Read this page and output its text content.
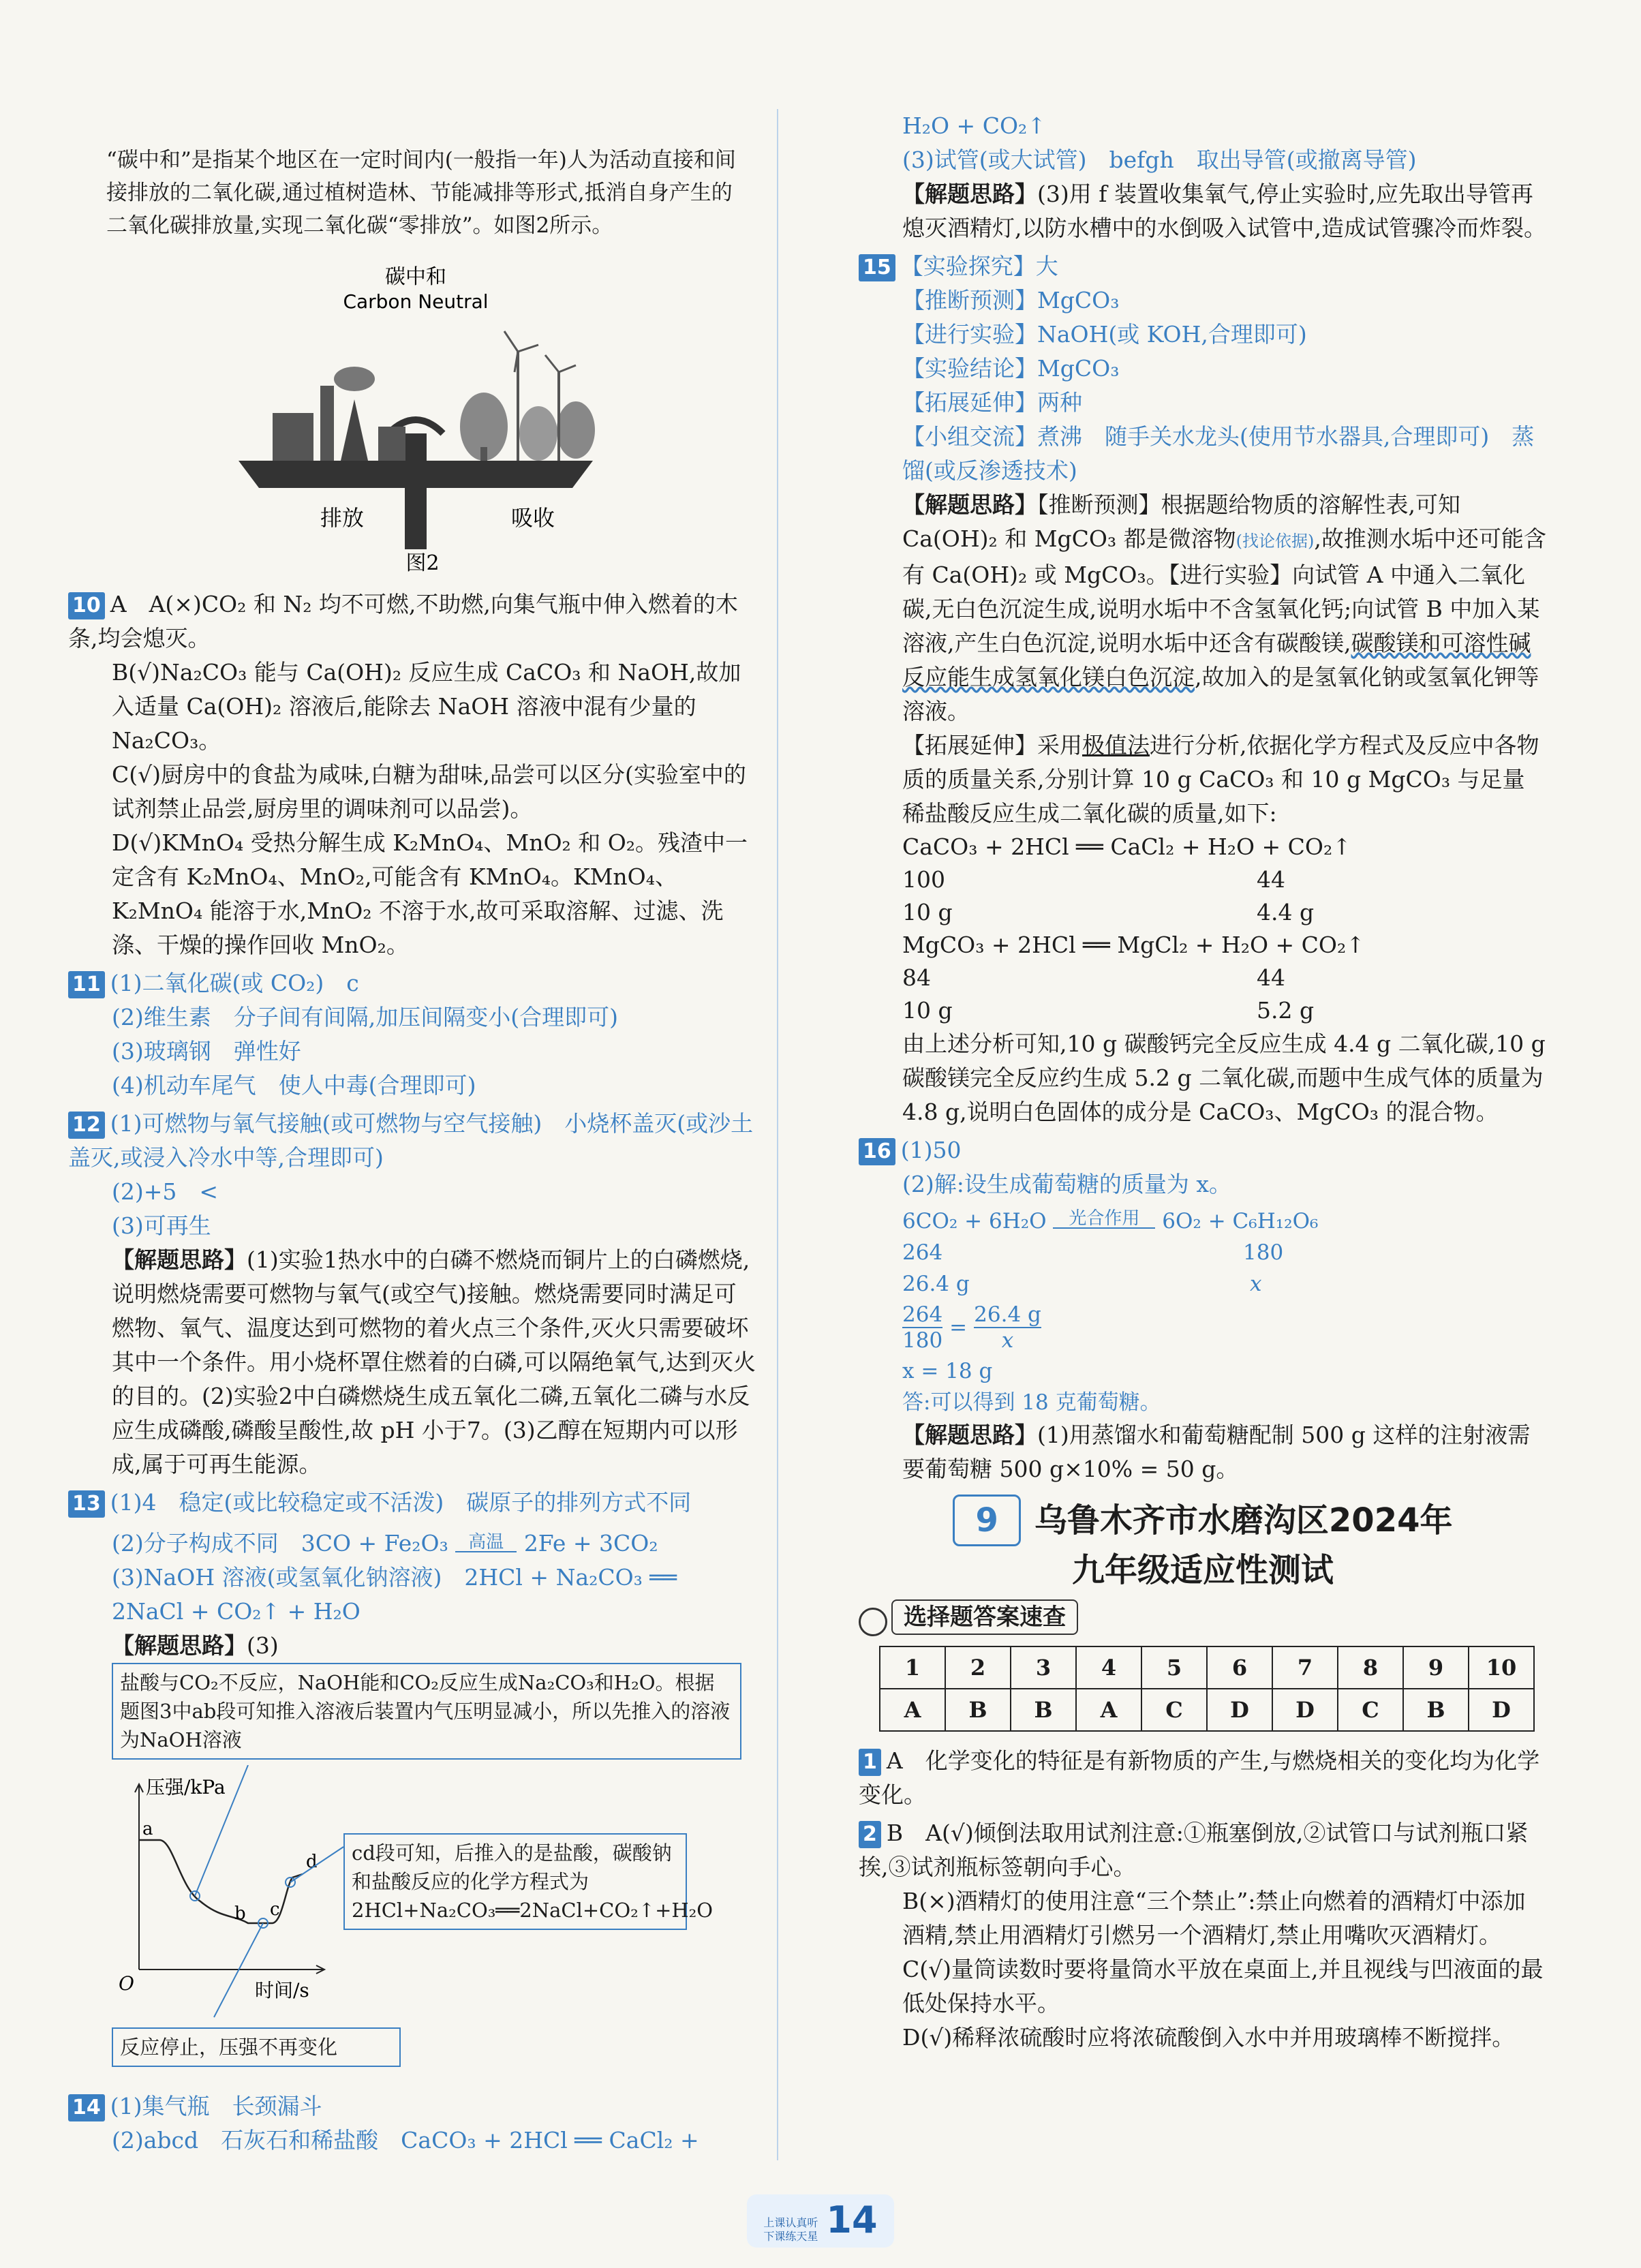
“碳中和”是指某个地区在一定时间内(一般指一年)人为活动直接和间接排放的二氧化碳,通过植树造林、节能减排等形式,抵消自身产生的二氧化碳排放量,实现二氧化碳“零排放”。如图2所示。

碳中和
Carbon Neutral
排放	吸收
图2

10 A　A(×)CO₂ 和 N₂ 均不可燃,不助燃,向集气瓶中伸入燃着的木条,均会熄灭。

B(√)Na₂CO₃ 能与 Ca(OH)₂ 反应生成 CaCO₃ 和 NaOH,故加入适量 Ca(OH)₂ 溶液后,能除去 NaOH 溶液中混有少量的 Na₂CO₃。

C(√)厨房中的食盐为咸味,白糖为甜味,品尝可以区分(实验室中的试剂禁止品尝,厨房里的调味剂可以品尝)。

D(√)KMnO₄ 受热分解生成 K₂MnO₄、MnO₂ 和 O₂。残渣中一定含有 K₂MnO₄、MnO₂,可能含有 KMnO₄。KMnO₄、K₂MnO₄ 能溶于水,MnO₂ 不溶于水,故可采取溶解、过滤、洗涤、干燥的操作回收 MnO₂。

11 (1)二氧化碳(或 CO₂)　c

(2)维生素　分子间有间隔,加压间隔变小(合理即可)

(3)玻璃钢　弹性好

(4)机动车尾气　使人中毒(合理即可)

12 (1)可燃物与氧气接触(或可燃物与空气接触)　小烧杯盖灭(或沙土盖灭,或浸入冷水中等,合理即可)

(2)+5　<

(3)可再生

【解题思路】(1)实验1热水中的白磷不燃烧而铜片上的白磷燃烧,说明燃烧需要可燃物与氧气(或空气)接触。燃烧需要同时满足可燃物、氧气、温度达到可燃物的着火点三个条件,灭火只需要破坏其中一个条件。用小烧杯罩住燃着的白磷,可以隔绝氧气,达到灭火的目的。(2)实验2中白磷燃烧生成五氧化二磷,五氧化二磷与水反应生成磷酸,磷酸呈酸性,故 pH 小于7。(3)乙醇在短期内可以形成,属于可再生能源。

13 (1)4　稳定(或比较稳定或不活泼)　碳原子的排列方式不同

(2)分子构成不同　3CO + Fe₂O₃	高温 2Fe + 3CO₂

(3)NaOH 溶液(或氢氧化钠溶液)　2HCl + Na₂CO₃ ══

2NaCl + CO₂↑ + H₂O

【解题思路】(3)

盐酸与CO₂不反应，NaOH能和CO₂反应生成Na₂CO₃和H₂O。根据题图3中ab段可知推入溶液后装置内气压明显减小，所以先推入的溶液为NaOH溶液
压强/kPa
时间/s
O
a
b c
d	cd段可知，后推入的是盐酸，碳酸钠和盐酸反应的化学方程式为
2HCl+Na₂CO₃══2NaCl+CO₂↑+H₂O
反应停止，压强不再变化

14 (1)集气瓶　长颈漏斗

(2)abcd　石灰石和稀盐酸　CaCO₃ + 2HCl ══ CaCl₂ +

H₂O + CO₂↑

(3)试管(或大试管)　befgh　取出导管(或撤离导管)

【解题思路】(3)用 f 装置收集氧气,停止实验时,应先取出导管再熄灭酒精灯,以防水槽中的水倒吸入试管中,造成试管骤冷而炸裂。

15 【实验探究】大

【推断预测】MgCO₃

【进行实验】NaOH(或 KOH,合理即可)

【实验结论】MgCO₃

【拓展延伸】两种

【小组交流】煮沸　随手关水龙头(使用节水器具,合理即可)　蒸馏(或反渗透技术)

【解题思路】【推断预测】根据题给物质的溶解性表,可知 Ca(OH)₂ 和 MgCO₃ 都是微溶物(找论依据),故推测水垢中还可能含有 Ca(OH)₂ 或 MgCO₃。【进行实验】向试管 A 中通入二氧化碳,无白色沉淀生成,说明水垢中不含氢氧化钙;向试管 B 中加入某溶液,产生白色沉淀,说明水垢中还含有碳酸镁,碳酸镁和可溶性碱反应能生成氢氧化镁白色沉淀,故加入的是氢氧化钠或氢氧化钾等溶液。

【拓展延伸】采用极值法进行分析,依据化学方程式及反应中各物质的质量关系,分别计算 10 g CaCO₃ 和 10 g MgCO₃ 与足量稀盐酸反应生成二氧化碳的质量,如下:

CaCO₃ + 2HCl ══ CaCl₂ + H₂O + CO₂↑
100	44
10 g	4.4 g
MgCO₃ + 2HCl ══ MgCl₂ + H₂O + CO₂↑
84	44
10 g	5.2 g

由上述分析可知,10 g 碳酸钙完全反应生成 4.4 g 二氧化碳,10 g 碳酸镁完全反应约生成 5.2 g 二氧化碳,而题中生成气体的质量为 4.8 g,说明白色固体的成分是 CaCO₃、MgCO₃ 的混合物。

16 (1)50

(2)解:设生成葡萄糖的质量为 x。

6CO₂ + 6H₂O	光合作用	6O₂ + C₆H₁₂O₆
264	180
26.4 g	x
$\frac{264}{180} = \frac{26.4 g}{x}$
x = 18 g
答:可以得到 18 克葡萄糖。

【解题思路】(1)用蒸馏水和葡萄糖配制 500 g 这样的注射液需要葡萄糖 500 g×10% = 50 g。

9 乌鲁木齐市水磨沟区2024年
九年级适应性测试
选择题答案速查
1	2	3	4	5	6	7	8	9	10
A	B	B	A	C	D	D	C	B	D

1 A　化学变化的特征是有新物质的产生,与燃烧相关的变化均为化学变化。

2 B　A(√)倾倒法取用试剂注意:①瓶塞倒放,②试管口与试剂瓶口紧挨,③试剂瓶标签朝向手心。

B(×)酒精灯的使用注意“三个禁止”:禁止向燃着的酒精灯中添加酒精,禁止用酒精灯引燃另一个酒精灯,禁止用嘴吹灭酒精灯。

C(√)量筒读数时要将量筒水平放在桌面上,并且视线与凹液面的最低处保持水平。

D(√)稀释浓硫酸时应将浓硫酸倒入水中并用玻璃棒不断搅拌。

上课认真听
下课练天星 14
